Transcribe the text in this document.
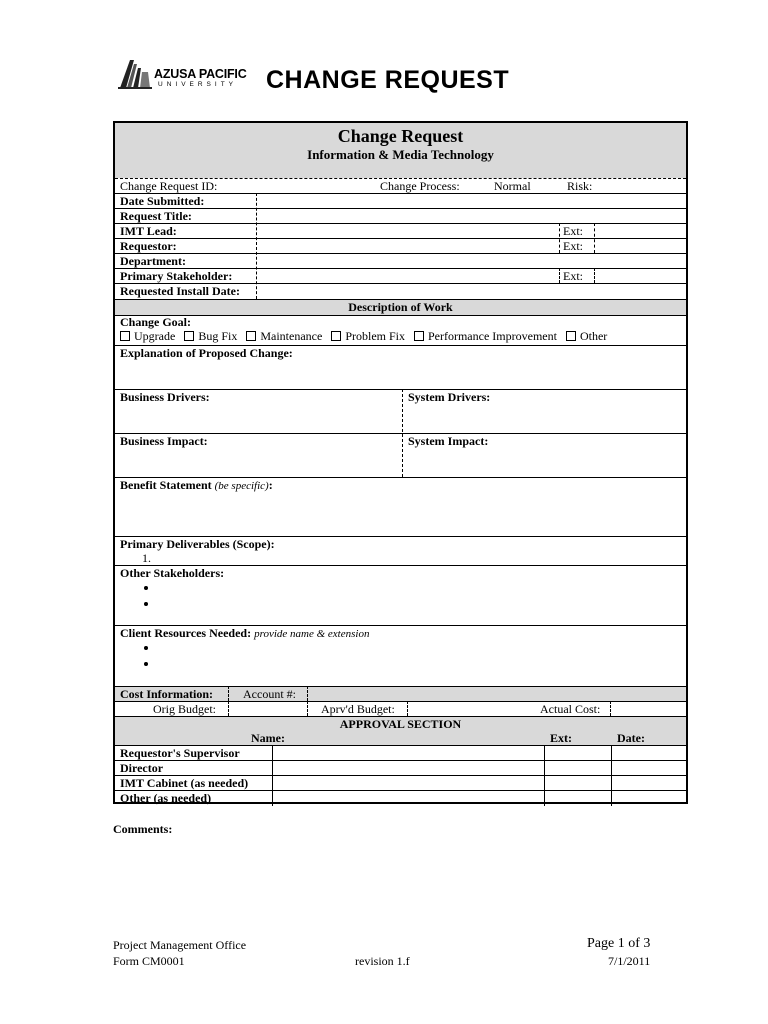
AZUSA PACIFIC
UNIVERSITY CHANGE REQUEST
Change Request
Information & Media Technology
Change Request ID:	Change Process:	Normal	Risk:
Date Submitted:
Request Title:
IMT Lead:	Ext:
Requestor:	Ext:
Department:
Primary Stakeholder:	Ext:
Requested Install Date:
Description of Work
Change Goal:
Upgrade Bug Fix Maintenance Problem Fix Performance Improvement Other
Explanation of Proposed Change:
Business Drivers:	System Drivers:
Business Impact:	System Impact:
Benefit Statement (be specific):
Primary Deliverables (Scope):
1.
Other Stakeholders:
Client Resources Needed: provide name & extension
Cost Information:	Account #:
Orig Budget:	Aprv'd Budget:	Actual Cost:
APPROVAL SECTION
Name:	Ext:	Date:
Requestor's Supervisor
Director
IMT Cabinet (as needed)
Other (as needed)
Comments:
Project Management Office
Form CM0001	revision 1.f
Page 1 of 3
7/1/2011
